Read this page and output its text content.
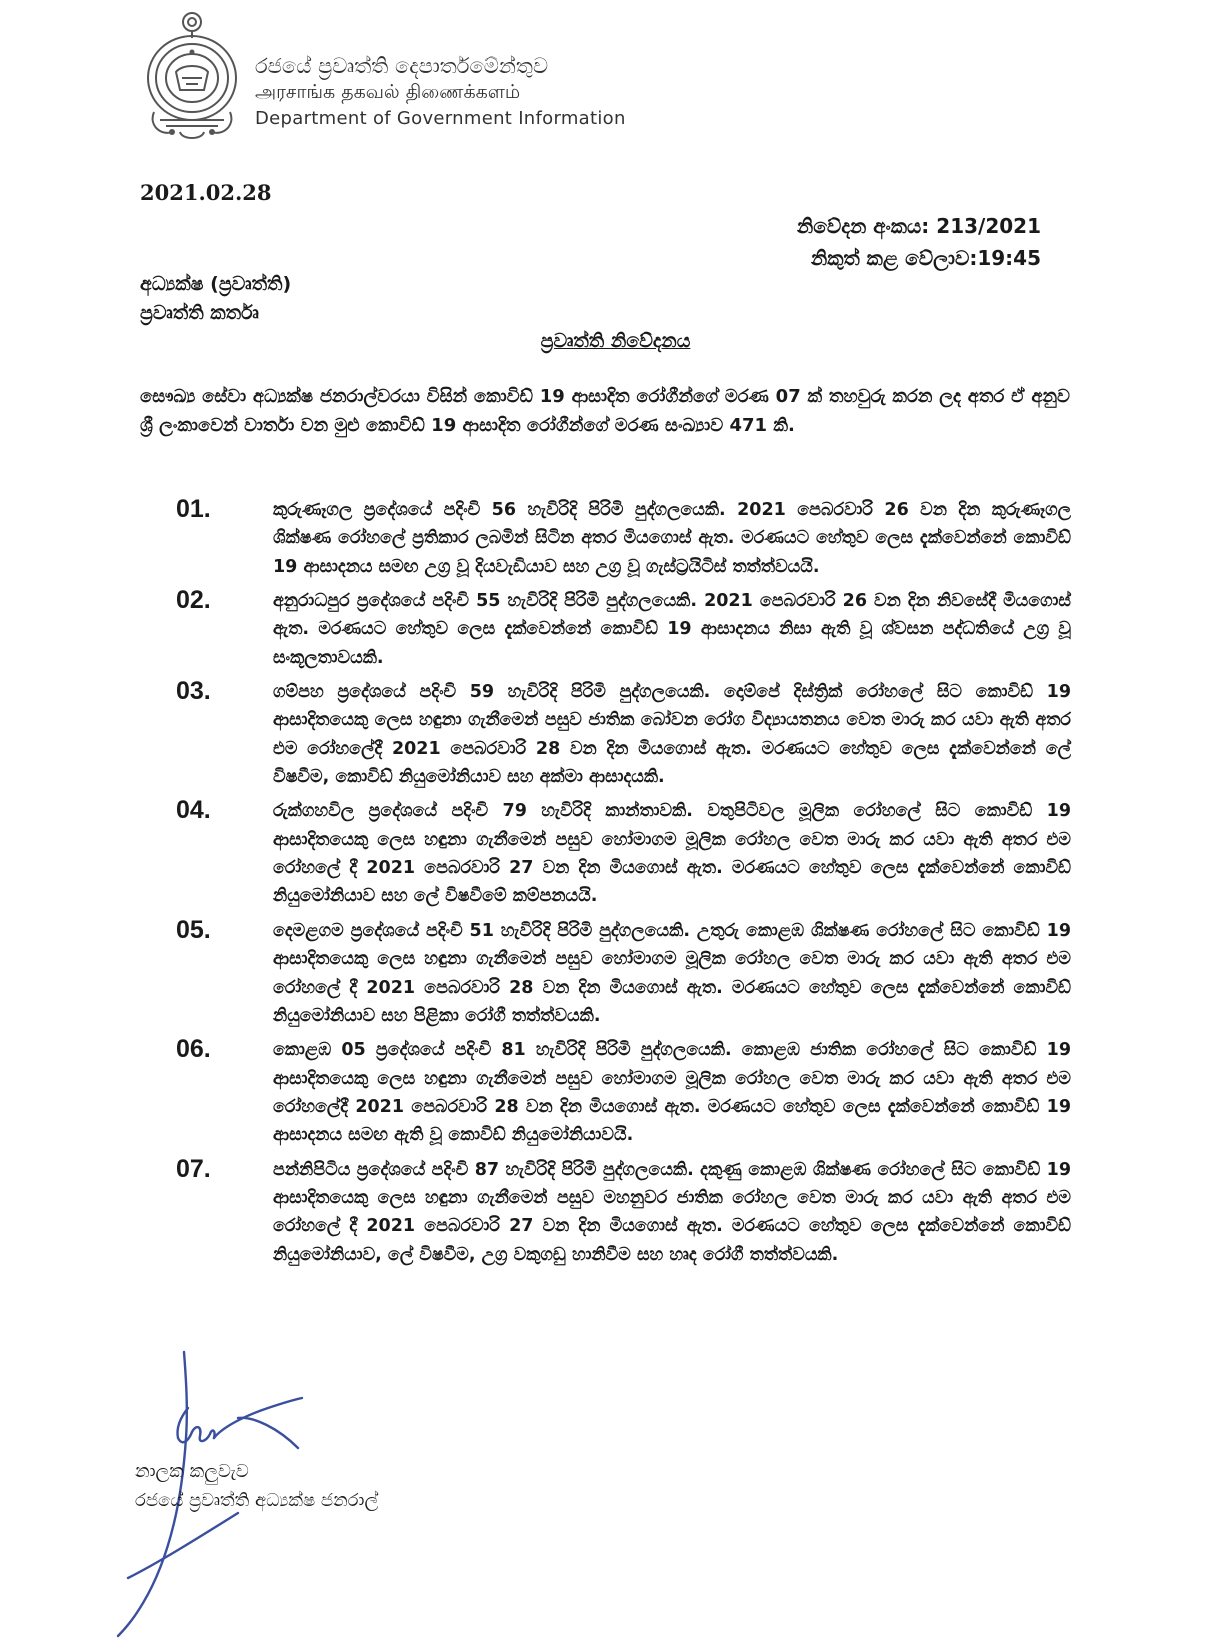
රජයේ ප්‍රවෘත්ති දෙපාර්තමේන්තුව
அரசாங்க தகவல் திணைக்களம்
Department of Government Information
2021.02.28
නිවේදන අංකය: 213/2021
නිකුත් කළ වේලාව:19:45
අධ්‍යක්ෂ (ප්‍රවෘත්ති)
ප්‍රවෘත්ති කර්තෘ
ප්‍රවෘත්ති නිවේදනය
සෞඛ්‍ය සේවා අධ්‍යක්ෂ ජනරාල්වරයා විසින් කොවිඩ් 19 ආසාදිත රෝගීන්ගේ මරණ 07 ක් තහවුරු කරන ලද අතර ඒ අනුව ශ්‍රී ලංකාවෙන් වාර්තා වන මුළු කොවිඩ් 19 ආසාදිත රෝගීන්ගේ මරණ සංඛ්‍යාව 471 කි.
01.	කුරුණෑගල ප්‍රදේශයේ පදිංචි 56 හැවිරිදි පිරිමි පුද්ගලයෙකි. 2021 පෙබරවාරි 26 වන දින කුරුණෑගල ශික්ෂණ රෝහලේ ප්‍රතිකාර ලබමින් සිටින අතර මියගොස් ඇත. මරණයට හේතුව ලෙස දැක්වෙන්නේ කොවිඩ් 19 ආසාදනය සමඟ උග්‍ර වූ දියවැඩියාව සහ උග්‍ර වූ ගැස්ට්‍රයිටිස් තත්ත්වයයි.
02.	අනුරාධපුර ප්‍රදේශයේ පදිංචි 55 හැවිරිදි පිරිමි පුද්ගලයෙකි. 2021 පෙබරවාරි 26 වන දින නිවසේදී මියගොස් ඇත. මරණයට හේතුව ලෙස දැක්වෙන්නේ කොවිඩ් 19 ආසාදනය නිසා ඇති වූ ශ්වසන පද්ධතියේ උග්‍ර වූ සංකූලතාවයකි.
03.	ගම්පහ ප්‍රදේශයේ පදිංචි 59 හැවිරිදි පිරිමි පුද්ගලයෙකි. දොම්පේ දිස්ත්‍රික් රෝහලේ සිට කොවිඩ් 19 ආසාදිතයෙකු ලෙස හඳුනා ගැනීමෙන් පසුව ජාතික බෝවන රෝග විද්‍යායතනය වෙත මාරු කර යවා ඇති අතර එම රෝහලේදී 2021 පෙබරවාරි 28 වන දින මියගොස් ඇත. මරණයට හේතුව ලෙස දැක්වෙන්නේ ලේ විෂවීම, කොවිඩ් නියුමෝනියාව සහ අක්මා ආසාදයකි.
04.	රුක්ගහවිල ප්‍රදේශයේ පදිංචි 79 හැවිරිදි කාන්තාවකි. වතුපිටිවල මූලික රෝහලේ සිට කොවිඩ් 19 ආසාදිතයෙකු ලෙස හඳුනා ගැනීමෙන් පසුව හෝමාගම මූලික රෝහල වෙත මාරු කර යවා ඇති අතර එම රෝහලේ දී 2021 පෙබරවාරි 27 වන දින මියගොස් ඇත. මරණයට හේතුව ලෙස දැක්වෙන්නේ කොවිඩ් නියුමෝනියාව සහ ලේ විෂවීමේ කම්පනයයි.
05.	දෙමළගම ප්‍රදේශයේ පදිංචි 51 හැවිරිදි පිරිමි පුද්ගලයෙකි. උතුරු කොළඹ ශික්ෂණ රෝහලේ සිට කොවිඩ් 19 ආසාදිතයෙකු ලෙස හඳුනා ගැනීමෙන් පසුව හෝමාගම මූලික රෝහල වෙත මාරු කර යවා ඇති අතර එම රෝහලේ දී 2021 පෙබරවාරි 28 වන දින මියගොස් ඇත. මරණයට හේතුව ලෙස දැක්වෙන්නේ කොවිඩ් නියුමෝනියාව සහ පිළිකා රෝගී තත්ත්වයකි.
06.	කොළඹ 05 ප්‍රදේශයේ පදිංචි 81 හැවිරිදි පිරිමි පුද්ගලයෙකි. කොළඹ ජාතික රෝහලේ සිට කොවිඩ් 19 ආසාදිතයෙකු ලෙස හඳුනා ගැනීමෙන් පසුව හෝමාගම මූලික රෝහල වෙත මාරු කර යවා ඇති අතර එම රෝහලේදී 2021 පෙබරවාරි 28 වන දින මියගොස් ඇත. මරණයට හේතුව ලෙස දැක්වෙන්නේ කොවිඩ් 19 ආසාදනය සමඟ ඇති වූ කොවිඩ් නියුමෝනියාවයි.
07.	පන්නිපිටිය ප්‍රදේශයේ පදිංචි 87 හැවිරිදි පිරිමි පුද්ගලයෙකි. දකුණු කොළඹ ශික්ෂණ රෝහලේ සිට කොවිඩ් 19 ආසාදිතයෙකු ලෙස හඳුනා ගැනීමෙන් පසුව මහනුවර ජාතික රෝහල වෙත මාරු කර යවා ඇති අතර එම රෝහලේ දී 2021 පෙබරවාරි 27 වන දින මියගොස් ඇත. මරණයට හේතුව ලෙස දැක්වෙන්නේ කොවිඩ් නියුමෝනියාව, ලේ විෂවීම, උග්‍ර වකුගඩු හානිවීම සහ හෘද රෝගී තත්ත්වයකි.
නාලක කලුවැව
රජයේ ප්‍රවෘත්ති අධ්‍යක්ෂ ජනරාල්
